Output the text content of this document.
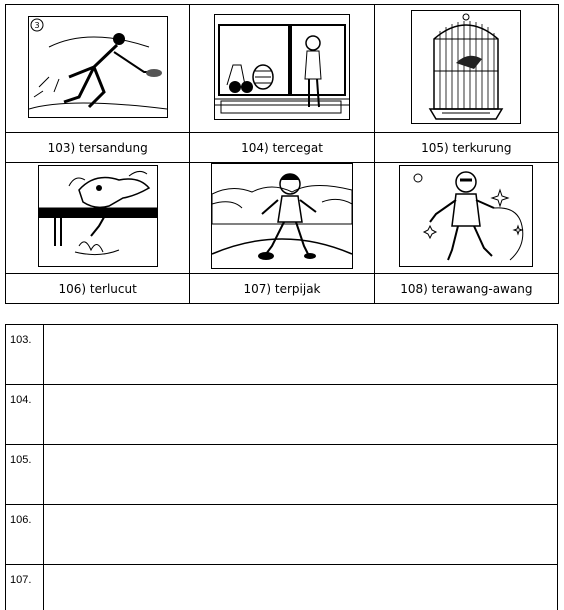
3

103) tersandung	104) tercegat	105) terkurung

106) terlucut	107) terpijak	108) terawang-awang
103.	
104.	
105.	
106.	
107.	
